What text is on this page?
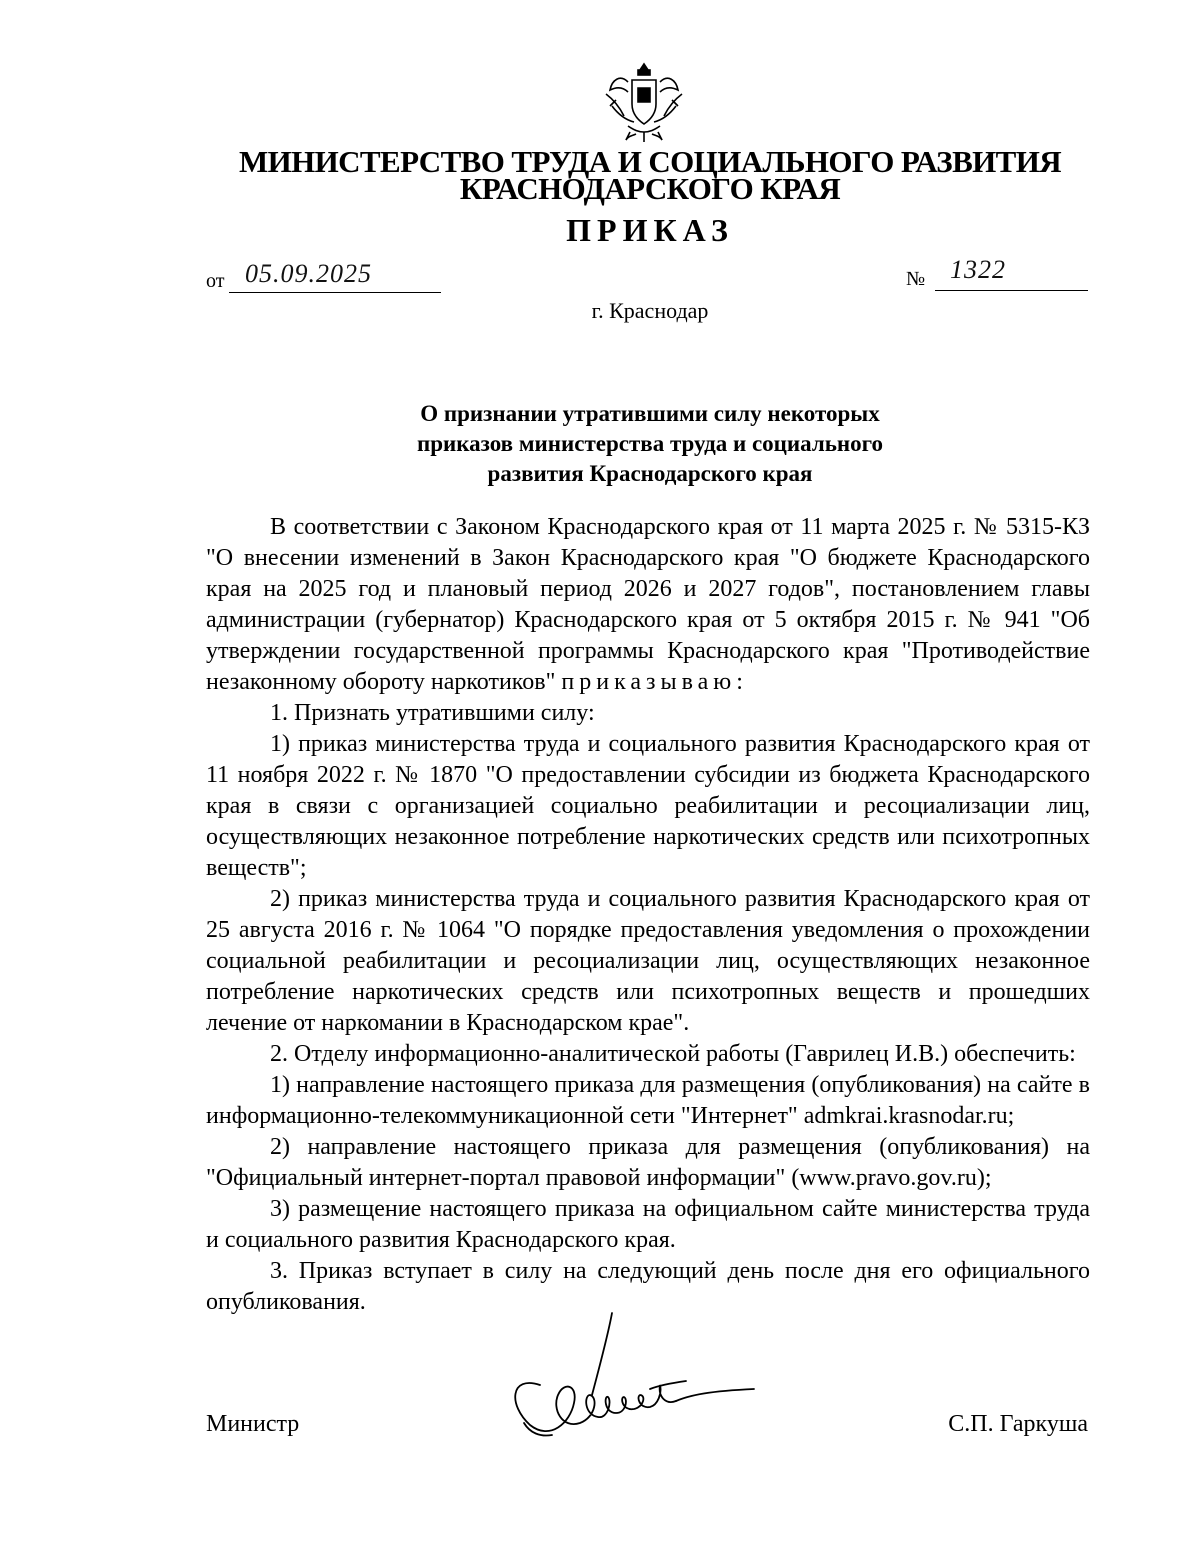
МИНИСТЕРСТВО ТРУДА И СОЦИАЛЬНОГО РАЗВИТИЯ
КРАСНОДАРСКОГО КРАЯ
ПРИКАЗ
от 05.09.2025	№ 1322
г. Краснодар
О признании утратившими силу некоторых
приказов министерства труда и социального
развития Краснодарского края

В соответствии с Законом Краснодарского края от 11 марта 2025 г. № 5315-КЗ "О внесении изменений в Закон Краснодарского края "О бюджете Краснодарского края на 2025 год и плановый период 2026 и 2027 годов", постановлением главы администрации (губернатор) Краснодарского края от 5 октября 2015 г. № 941 "Об утверждении государственной программы Краснодарского края "Противодействие незаконному обороту наркотиков" приказываю:

1. Признать утратившими силу:

1) приказ министерства труда и социального развития Краснодарского края от 11 ноября 2022 г. № 1870 "О предоставлении субсидии из бюджета Краснодарского края в связи с организацией социально реабилитации и ресоциализации лиц, осуществляющих незаконное потребление наркотических средств или психотропных веществ";

2) приказ министерства труда и социального развития Краснодарского края от 25 августа 2016 г. № 1064 "О порядке предоставления уведомления о прохождении социальной реабилитации и ресоциализации лиц, осуществляющих незаконное потребление наркотических средств или психотропных веществ и прошедших лечение от наркомании в Краснодарском крае".

2. Отделу информационно-аналитической работы (Гаврилец И.В.) обеспечить:

1) направление настоящего приказа для размещения (опубликования) на сайте в информационно-телекоммуникационной сети "Интернет" admkrai.krasnodar.ru;

2) направление настоящего приказа для размещения (опубликования) на "Официальный интернет-портал правовой информации" (www.pravo.gov.ru);

3) размещение настоящего приказа на официальном сайте министерства труда и социального развития Краснодарского края.

3. Приказ вступает в силу на следующий день после дня его официального опубликования.

Министр	С.П. Гаркуша
